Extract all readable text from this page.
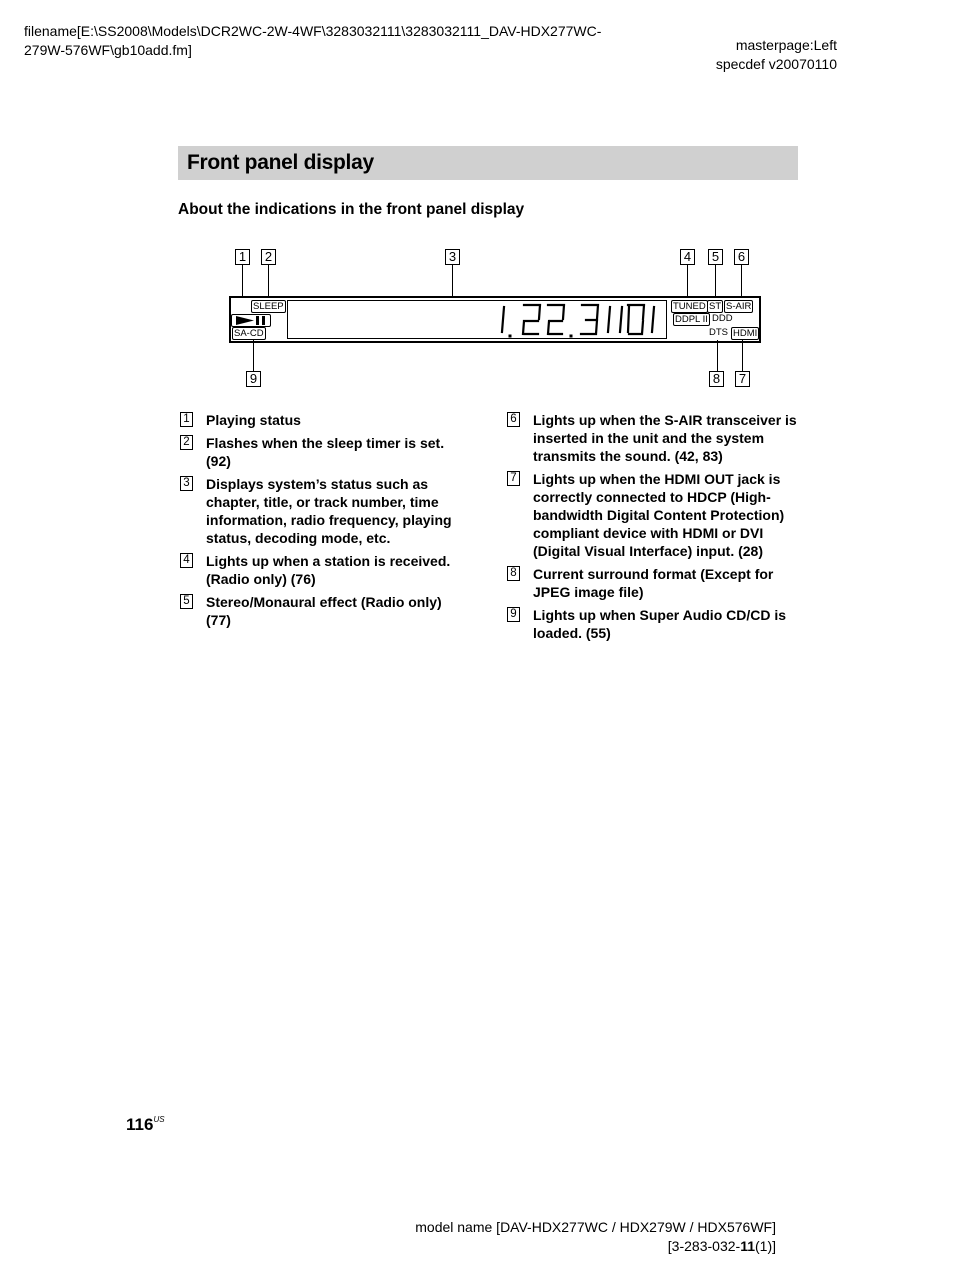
filename[E:\SS2008\Models\DCR2WC-2W-4WF\3283032111\3283032111_DAV-HDX277WC-279W-576WF\gb10add.fm]	masterpage:Left
specdef v20070110
Front panel display
About the indications in the front panel display
1 2	3	4 5 6
SLEEP
SA-CD
TUNED ST S-AIR
DDPL II DDD
DTS HDMI
9	8 7
1 Playing status
2 Flashes when the sleep timer is set. (92)
3 Displays system’s status such as chapter, title, or track number, time information, radio frequency, playing status, decoding mode, etc.
4 Lights up when a station is received. (Radio only) (76)
5 Stereo/Monaural effect (Radio only) (77)
6 Lights up when the S-AIR transceiver is inserted in the unit and the system transmits the sound. (42, 83)
7 Lights up when the HDMI OUT jack is correctly connected to HDCP (High-bandwidth Digital Content Protection) compliant device with HDMI or DVI (Digital Visual Interface) input. (28)
8 Current surround format (Except for JPEG image file)
9 Lights up when Super Audio CD/CD is loaded. (55)
$116^{US}$
model name [DAV-HDX277WC / HDX279W / HDX576WF]
[3-283-032-11(1)]
